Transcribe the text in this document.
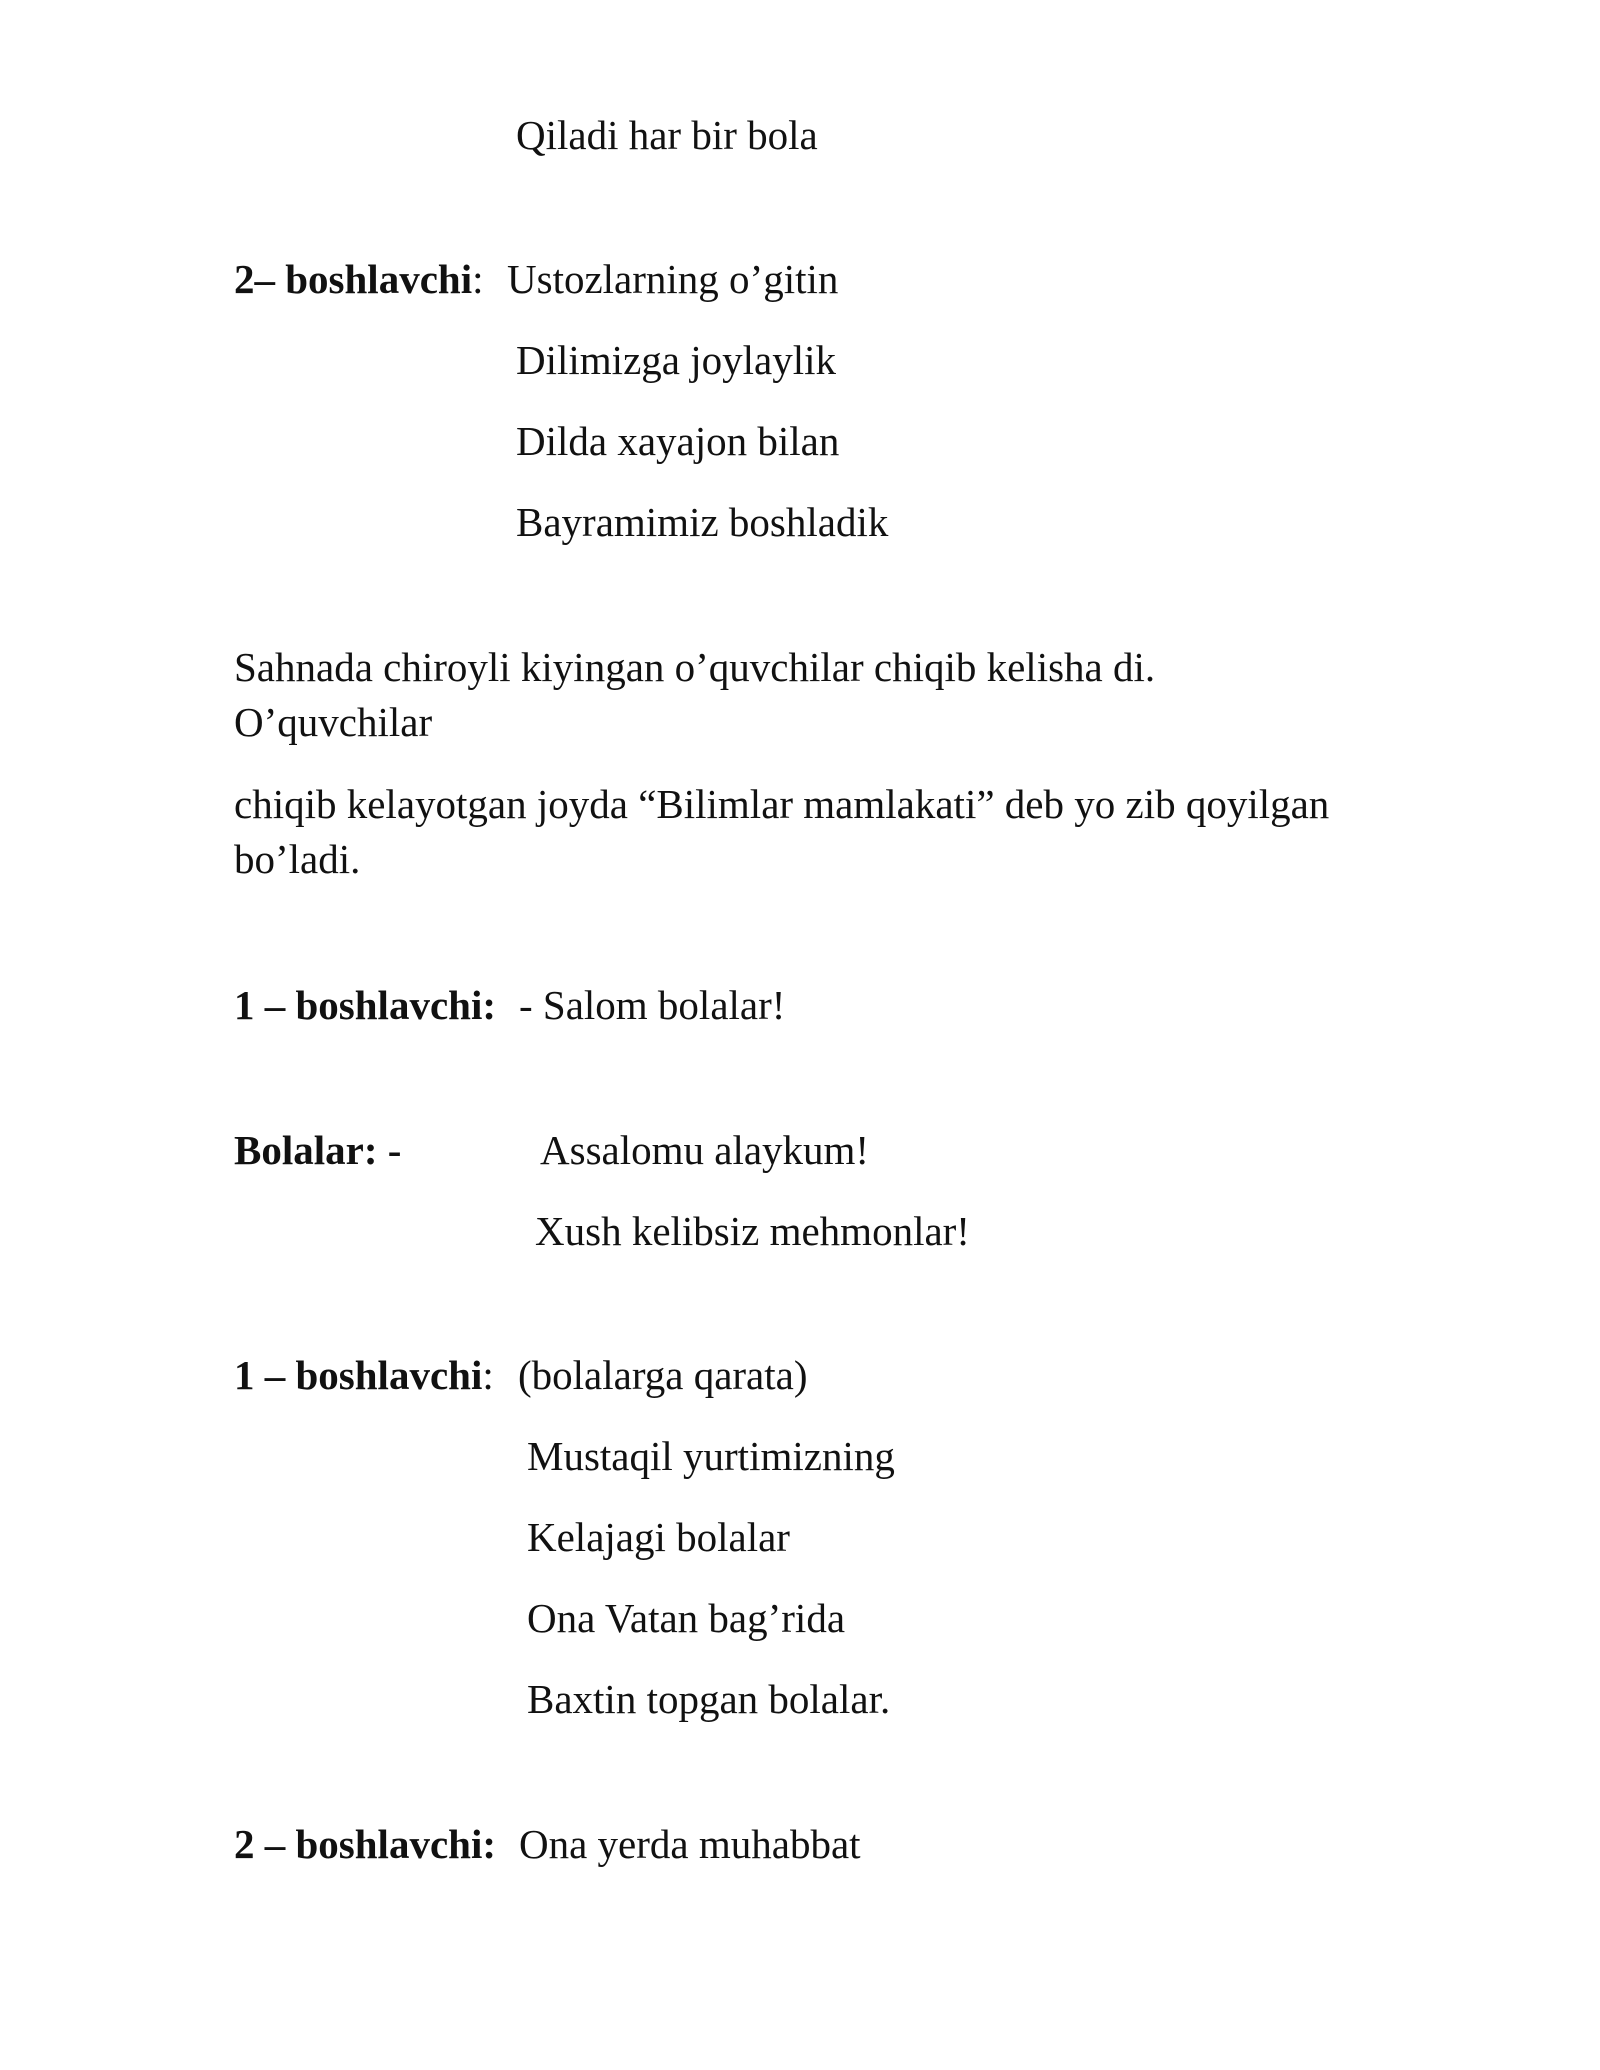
Qiladi har bir bola
2– boshlavchi: Ustozlarning o’gitin
Dilimizga joylaylik
Dilda xayajon bilan
Bayramimiz boshladik
Sahnada chiroyli kiyingan o’quvchilar chiqib kelisha di.
O’quvchilar
chiqib kelayotgan joyda “Bilimlar mamlakati” deb yo zib qoyilgan
bo’ladi.
1 – boshlavchi: - Salom bolalar!
Bolalar: -	Assalomu alaykum!
Xush kelibsiz mehmonlar!
1 – boshlavchi: (bolalarga qarata)
Mustaqil yurtimizning
Kelajagi bolalar
Ona Vatan bag’rida
Baxtin topgan bolalar.
2 – boshlavchi: Ona yerda muhabbat
